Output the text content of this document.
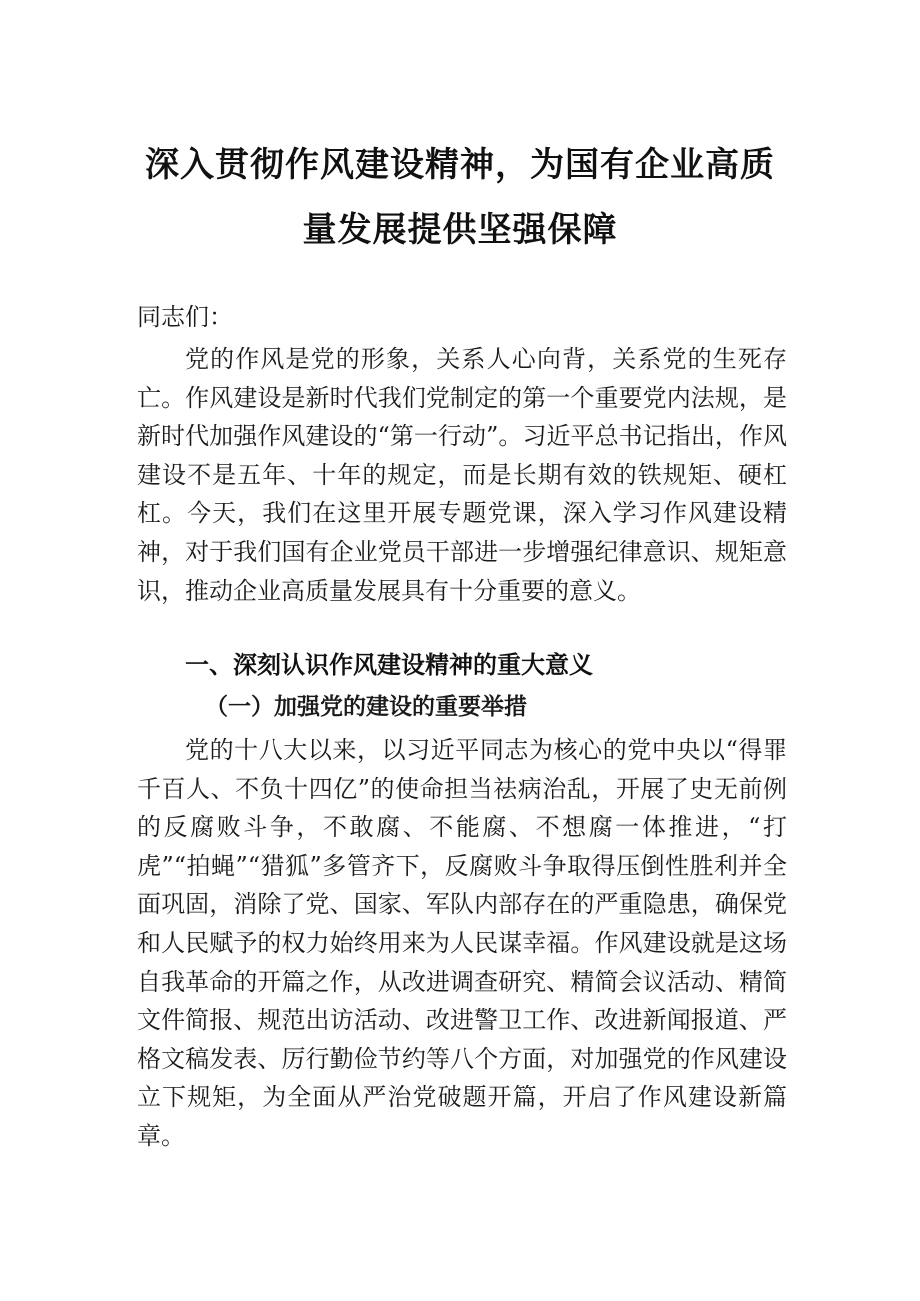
深入贯彻作风建设精神，为国有企业高质
量发展提供坚强保障

同志们：

党的作风是党的形象，关系人心向背，关系党的生死存亡。作风建设是新时代我们党制定的第一个重要党内法规，是新时代加强作风建设的“第一行动”。习近平总书记指出，作风建设不是五年、十年的规定，而是长期有效的铁规矩、硬杠杠。今天，我们在这里开展专题党课，深入学习作风建设精神，对于我们国有企业党员干部进一步增强纪律意识、规矩意识，推动企业高质量发展具有十分重要的意义。

一、深刻认识作风建设精神的重大意义
（一）加强党的建设的重要举措

党的十八大以来，以习近平同志为核心的党中央以“得罪千百人、不负十四亿”的使命担当祛病治乱，开展了史无前例的反腐败斗争，不敢腐、不能腐、不想腐一体推进，“打虎”“拍蝇”“猎狐”多管齐下，反腐败斗争取得压倒性胜利并全面巩固，消除了党、国家、军队内部存在的严重隐患，确保党和人民赋予的权力始终用来为人民谋幸福。作风建设就是这场自我革命的开篇之作，从改进调查研究、精简会议活动、精简文件简报、规范出访活动、改进警卫工作、改进新闻报道、严格文稿发表、厉行勤俭节约等八个方面，对加强党的作风建设立下规矩，为全面从严治党破题开篇，开启了作风建设新篇章。
